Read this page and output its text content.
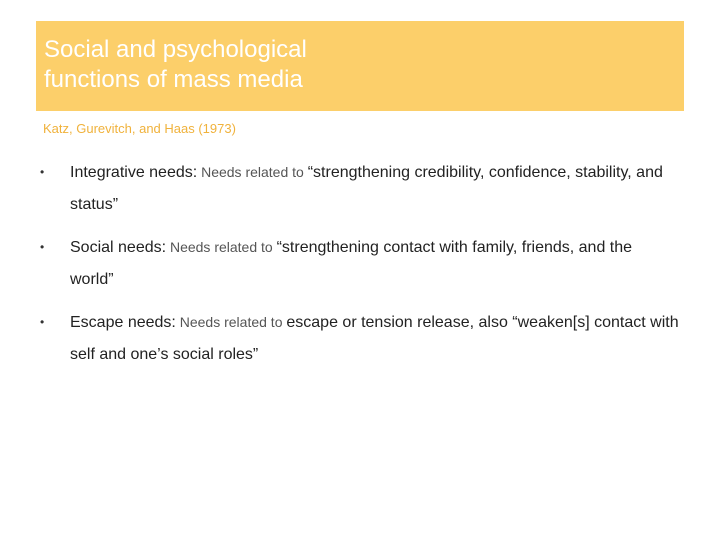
Social and psychological
functions of mass media

Katz, Gurevitch, and Haas (1973)

• Integrative needs: Needs related to “strengthening credibility, confidence, stability, and status”

• Social needs: Needs related to “strengthening contact with family, friends, and the world”

• Escape needs: Needs related to escape or tension release, also “weaken[s] contact with self and one’s social roles”
